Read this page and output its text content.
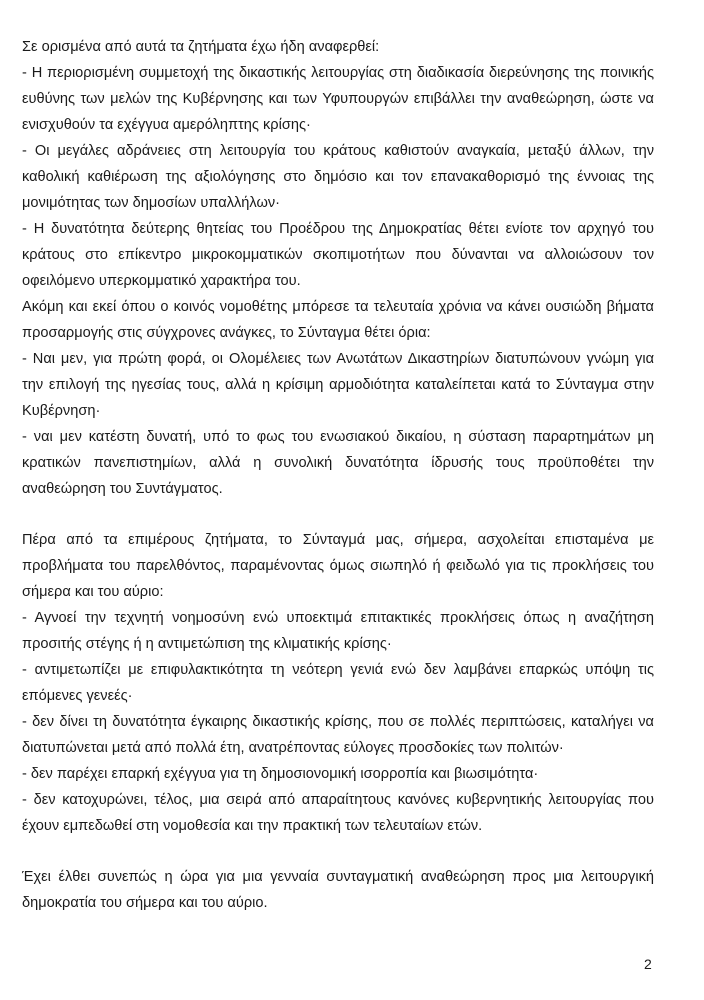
Σε ορισμένα από αυτά τα ζητήματα έχω ήδη αναφερθεί:

- Η περιορισμένη συμμετοχή της δικαστικής λειτουργίας στη διαδικασία διερεύνησης της ποινικής ευθύνης των μελών της Κυβέρνησης και των Υφυπουργών επιβάλλει την αναθεώρηση, ώστε να ενισχυθούν τα εχέγγυα αμερόληπτης κρίσης·

- Οι μεγάλες αδράνειες στη λειτουργία του κράτους καθιστούν αναγκαία, μεταξύ άλλων, την καθολική καθιέρωση της αξιολόγησης στο δημόσιο και τον επανακαθορισμό της έννοιας της μονιμότητας των δημοσίων υπαλλήλων·

- Η δυνατότητα δεύτερης θητείας του Προέδρου της Δημοκρατίας θέτει ενίοτε τον αρχηγό του κράτους στο επίκεντρο μικροκομματικών σκοπιμοτήτων που δύνανται να αλλοιώσουν τον οφειλόμενο υπερκομματικό χαρακτήρα του.

Ακόμη και εκεί όπου ο κοινός νομοθέτης μπόρεσε τα τελευταία χρόνια να κάνει ουσιώδη βήματα προσαρμογής στις σύγχρονες ανάγκες, το Σύνταγμα θέτει όρια:

- Ναι μεν, για πρώτη φορά, οι Ολομέλειες των Ανωτάτων Δικαστηρίων διατυπώνουν γνώμη για την επιλογή της ηγεσίας τους, αλλά η κρίσιμη αρμοδιότητα καταλείπεται κατά το Σύνταγμα στην Κυβέρνηση·

- ναι μεν κατέστη δυνατή, υπό το φως του ενωσιακού δικαίου, η σύσταση παραρτημάτων μη κρατικών πανεπιστημίων, αλλά η συνολική δυνατότητα ίδρυσής τους προϋποθέτει την αναθεώρηση του Συντάγματος.

Πέρα από τα επιμέρους ζητήματα, το Σύνταγμά μας, σήμερα, ασχολείται επισταμένα με προβλήματα του παρελθόντος, παραμένοντας όμως σιωπηλό ή φειδωλό για τις προκλήσεις του σήμερα και του αύριο:

- Αγνοεί την τεχνητή νοημοσύνη ενώ υποεκτιμά επιτακτικές προκλήσεις όπως η αναζήτηση προσιτής στέγης ή η αντιμετώπιση της κλιματικής κρίσης·

- αντιμετωπίζει με επιφυλακτικότητα τη νεότερη γενιά ενώ δεν λαμβάνει επαρκώς υπόψη τις επόμενες γενεές·

- δεν δίνει τη δυνατότητα έγκαιρης δικαστικής κρίσης, που σε πολλές περιπτώσεις, καταλήγει να διατυπώνεται μετά από πολλά έτη, ανατρέποντας εύλογες προσδοκίες των πολιτών·

- δεν παρέχει επαρκή εχέγγυα για τη δημοσιονομική ισορροπία και βιωσιμότητα·

- δεν κατοχυρώνει, τέλος, μια σειρά από απαραίτητους κανόνες κυβερνητικής λειτουργίας που έχουν εμπεδωθεί στη νομοθεσία και την πρακτική των τελευταίων ετών.

Έχει έλθει συνεπώς η ώρα για μια γενναία συνταγματική αναθεώρηση προς μια λειτουργική δημοκρατία του σήμερα και του αύριο.

2
